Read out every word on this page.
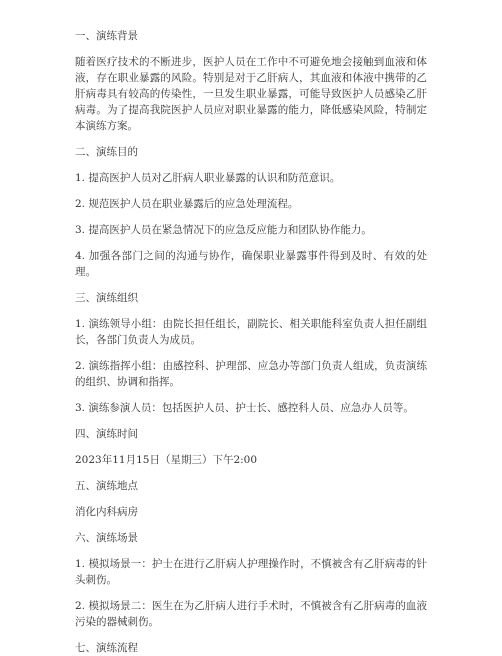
一、演练背景

随着医疗技术的不断进步，医护人员在工作中不可避免地会接触到血液和体液，存在职业暴露的风险。特别是对于乙肝病人，其血液和体液中携带的乙肝病毒具有较高的传染性，一旦发生职业暴露，可能导致医护人员感染乙肝病毒。为了提高我院医护人员应对职业暴露的能力，降低感染风险，特制定本演练方案。

二、演练目的

1. 提高医护人员对乙肝病人职业暴露的认识和防范意识。

2. 规范医护人员在职业暴露后的应急处理流程。

3. 提高医护人员在紧急情况下的应急反应能力和团队协作能力。

4. 加强各部门之间的沟通与协作，确保职业暴露事件得到及时、有效的处理。

三、演练组织

1. 演练领导小组：由院长担任组长，副院长、相关职能科室负责人担任副组长，各部门负责人为成员。

2. 演练指挥小组：由感控科、护理部、应急办等部门负责人组成，负责演练的组织、协调和指挥。

3. 演练参演人员：包括医护人员、护士长、感控科人员、应急办人员等。

四、演练时间

2023年11月15日（星期三）下午2:00

五、演练地点

消化内科病房

六、演练场景

1. 模拟场景一：护士在进行乙肝病人护理操作时，不慎被含有乙肝病毒的针头刺伤。

2. 模拟场景二：医生在为乙肝病人进行手术时，不慎被含有乙肝病毒的血液污染的器械刺伤。

七、演练流程
